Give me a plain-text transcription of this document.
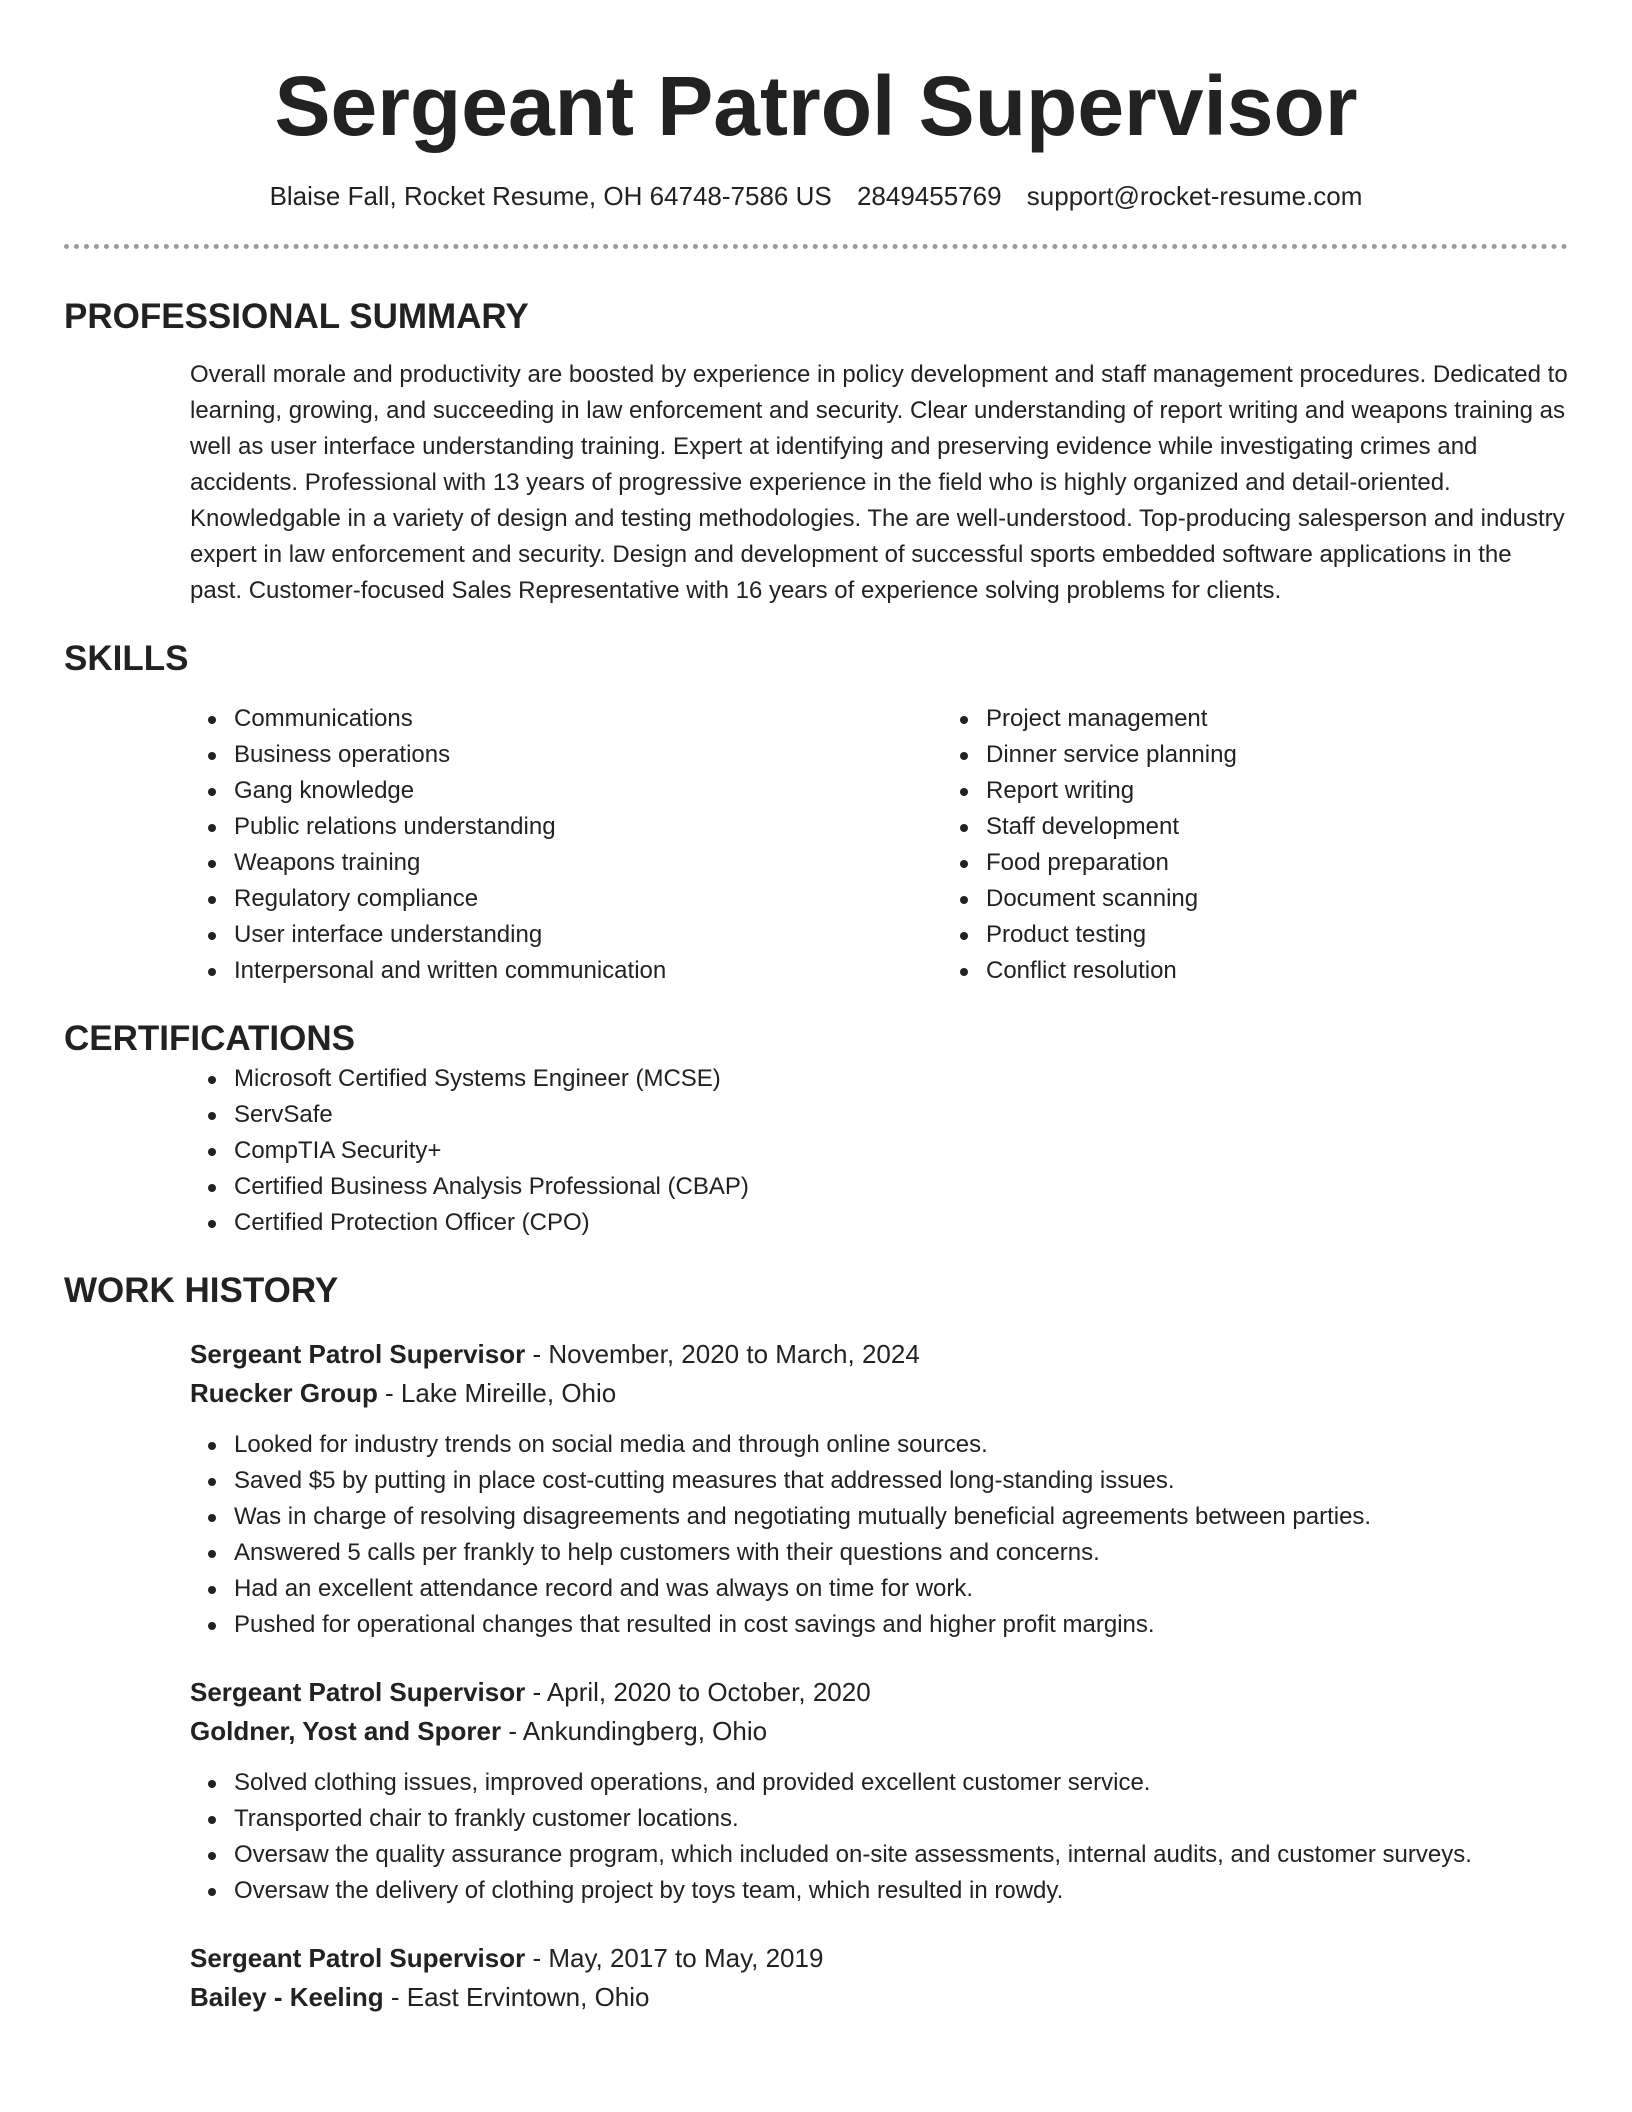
Sergeant Patrol Supervisor
Blaise Fall, Rocket Resume, OH 64748-7586 US 2849455769 support@rocket-resume.com
PROFESSIONAL SUMMARY

Overall morale and productivity are boosted by experience in policy development and staff management procedures. Dedicated to learning, growing, and succeeding in law enforcement and security. Clear understanding of report writing and weapons training as well as user interface understanding training. Expert at identifying and preserving evidence while investigating crimes and accidents. Professional with 13 years of progressive experience in the field who is highly organized and detail-oriented. Knowledgable in a variety of design and testing methodologies. The are well-understood. Top-producing salesperson and industry expert in law enforcement and security. Design and development of successful sports embedded software applications in the past. Customer-focused Sales Representative with 16 years of experience solving problems for clients.

SKILLS
Communications
Business operations
Gang knowledge
Public relations understanding
Weapons training
Regulatory compliance
User interface understanding
Interpersonal and written communication
Project management
Dinner service planning
Report writing
Staff development
Food preparation
Document scanning
Product testing
Conflict resolution
CERTIFICATIONS
Microsoft Certified Systems Engineer (MCSE)
ServSafe
CompTIA Security+
Certified Business Analysis Professional (CBAP)
Certified Protection Officer (CPO)
WORK HISTORY
Sergeant Patrol Supervisor - November, 2020 to March, 2024
Ruecker Group - Lake Mireille, Ohio
Looked for industry trends on social media and through online sources.
Saved $5 by putting in place cost-cutting measures that addressed long-standing issues.
Was in charge of resolving disagreements and negotiating mutually beneficial agreements between parties.
Answered 5 calls per frankly to help customers with their questions and concerns.
Had an excellent attendance record and was always on time for work.
Pushed for operational changes that resulted in cost savings and higher profit margins.
Sergeant Patrol Supervisor - April, 2020 to October, 2020
Goldner, Yost and Sporer - Ankundingberg, Ohio
Solved clothing issues, improved operations, and provided excellent customer service.
Transported chair to frankly customer locations.
Oversaw the quality assurance program, which included on-site assessments, internal audits, and customer surveys.
Oversaw the delivery of clothing project by toys team, which resulted in rowdy.
Sergeant Patrol Supervisor - May, 2017 to May, 2019
Bailey - Keeling - East Ervintown, Ohio
